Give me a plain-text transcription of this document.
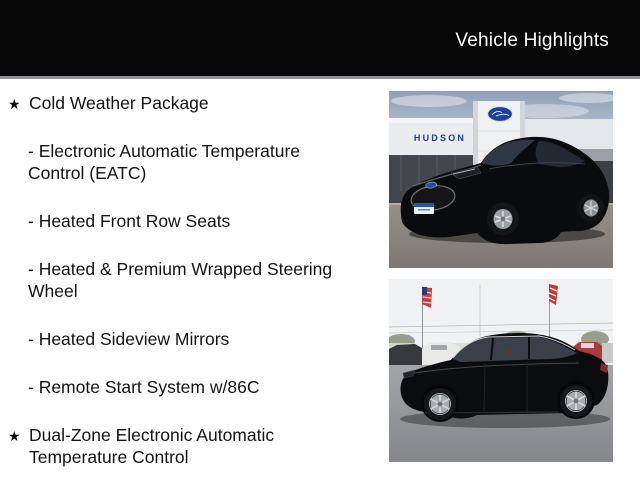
Vehicle Highlights
★ Cold Weather Package
- Electronic Automatic Temperature
Control (EATC)
- Heated Front Row Seats
- Heated & Premium Wrapped Steering
Wheel
- Heated Sideview Mirrors
- Remote Start System w/86C
★ Dual-Zone Electronic Automatic
Temperature Control
HUDSON
